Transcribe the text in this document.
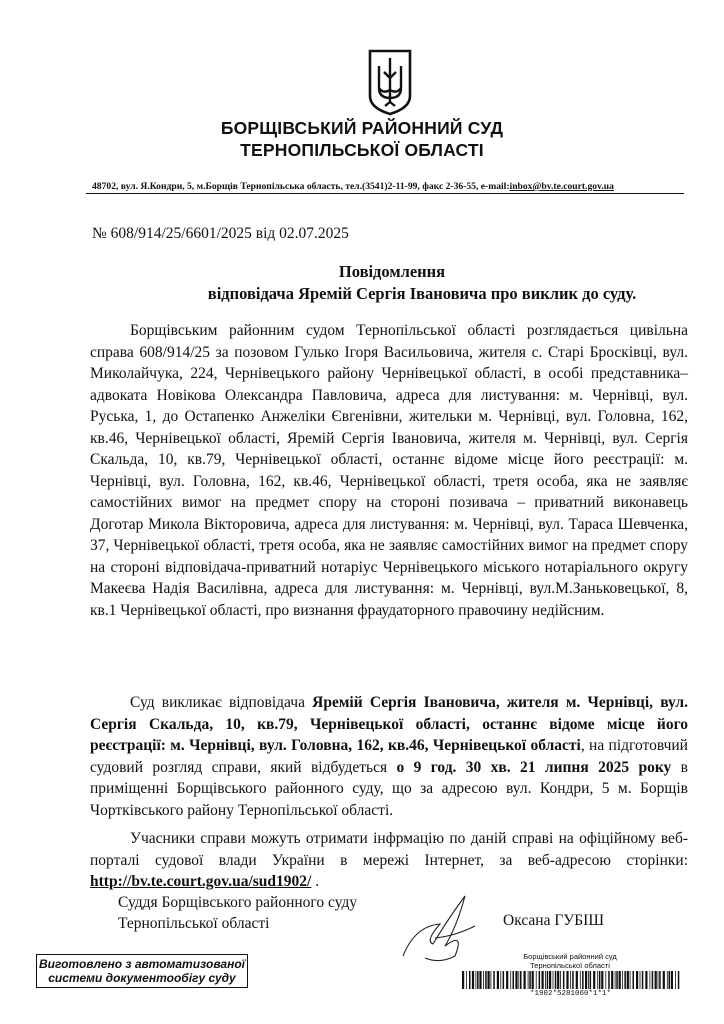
БОРЩІВСЬКИЙ РАЙОННИЙ СУД
ТЕРНОПІЛЬСЬКОЇ ОБЛАСТІ
48702, вул. Я.Кондри, 5, м.Борщів Тернопільська область, тел.(3541)2-11-99, факс 2-36-55, e-mail:inbox@bv.te.court.gov.ua
№ 608/914/25/6601/2025 від 02.07.2025
Повідомлення
відповідача Яремій Сергія Івановича про виклик до суду.

Борщівським районним судом Тернопільської області розглядається цивільна справа 608/914/25 за позовом Гулько Ігоря Васильовича, жителя с. Старі Бросківці, вул. Миколайчука, 224, Чернівецького району Чернівецької області, в особі представника–адвоката Новікова Олександра Павловича, адреса для листування: м. Чернівці, вул. Руська, 1, до Остапенко Анжеліки Євгенівни, жительки м. Чернівці, вул. Головна, 162, кв.46, Чернівецької області, Яремій Сергія Івановича, жителя м. Чернівці, вул. Сергія Скальда, 10, кв.79, Чернівецької області, останнє відоме місце його реєстрації: м. Чернівці, вул. Головна, 162, кв.46, Чернівецької області, третя особа, яка не заявляє самостійних вимог на предмет спору на стороні позивача – приватний виконавець Доготар Микола Вікторовича, адреса для листування: м. Чернівці, вул. Тараса Шевченка, 37, Чернівецької області, третя особа, яка не заявляє самостійних вимог на предмет спору на стороні відповідача-приватний нотаріус Чернівецького міського нотаріального округу Макеєва Надія Василівна, адреса для листування: м. Чернівці, вул.М.Заньковецької, 8, кв.1 Чернівецької області, про визнання фраудаторного правочину недійсним.

Суд викликає відповідача Яремій Сергія Івановича, жителя м. Чернівці, вул. Сергія Скальда, 10, кв.79, Чернівецької області, останнє відоме місце його реєстрації: м. Чернівці, вул. Головна, 162, кв.46, Чернівецької області, на підготовчий судовий розгляд справи, який відбудеться о 9 год. 30 хв. 21 липня 2025 року в приміщенні Борщівського районного суду, що за адресою вул. Кондри, 5 м. Борщів Чортківського району Тернопільської області.

Учасники справи можуть отримати інфрмацію по даній справі на офіційному веб-порталі судової влади України в мережі Інтернет, за веб-адресою сторінки: http://bv.te.court.gov.ua/sud1902/ .

Суддя Борщівського районного суду
Тернопільської області	Оксана ГУБІШ
Виготовлено з автоматизованої
системи документообігу суду
Борщівський районний суд
Тернопільської області
*1902*5281060*1*1*
